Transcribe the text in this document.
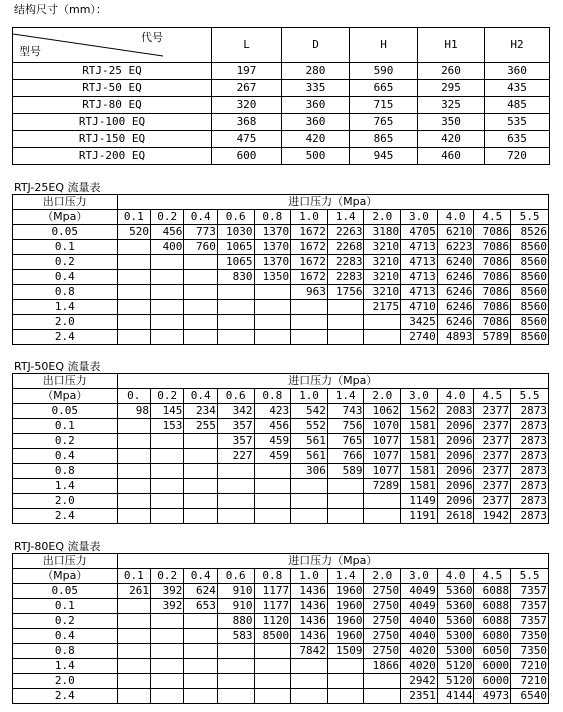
结构尺寸（mm）：
代号
型号	L	D	H	H1	H2
RTJ-25 EQ	197	280	590	260	360
RTJ-50 EQ	267	335	665	295	435
RTJ-80 EQ	320	360	715	325	485
RTJ-100 EQ	368	360	765	350	535
RTJ-150 EQ	475	420	865	420	635
RTJ-200 EQ	600	500	945	460	720
RTJ-25EQ 流量表
出口压力	进口压力（Mpa）											
（Mpa）	0.1	0.2	0.4	0.6	0.8	1.0	1.4	2.0	3.0	4.0	4.5	5.5
0.05	520	456	773	1030	1370	1672	2263	3180	4705	6210	7086	8526
0.1		400	760	1065	1370	1672	2268	3210	4713	6223	7086	8560
0.2				1065	1370	1672	2283	3210	4713	6240	7086	8560
0.4				830	1350	1672	2283	3210	4713	6246	7086	8560
0.8						963	1756	3210	4713	6246	7086	8560
1.4								2175	4710	6246	7086	8560
2.0									3425	6246	7086	8560
2.4									2740	4893	5789	8560
RTJ-50EQ 流量表
出口压力	进口压力（Mpa）											
（Mpa）	0.	0.2	0.4	0.6	0.8	1.0	1.4	2.0	3.0	4.0	4.5	5.5
0.05	98	145	234	342	423	542	743	1062	1562	2083	2377	2873
0.1		153	255	357	456	552	756	1070	1581	2096	2377	2873
0.2				357	459	561	765	1077	1581	2096	2377	2873
0.4				227	459	561	766	1077	1581	2096	2377	2873
0.8						306	589	1077	1581	2096	2377	2873
1.4								7289	1581	2096	2377	2873
2.0									1149	2096	2377	2873
2.4									1191	2618	1942	2873
RTJ-80EQ 流量表
出口压力	进口压力（Mpa）											
（Mpa）	0.1	0.2	0.4	0.6	0.8	1.0	1.4	2.0	3.0	4.0	4.5	5.5
0.05	261	392	624	910	1177	1436	1960	2750	4049	5360	6088	7357
0.1		392	653	910	1177	1436	1960	2750	4049	5360	6088	7357
0.2				880	1120	1436	1960	2750	4040	5360	6088	7357
0.4				583	8500	1436	1960	2750	4040	5300	6080	7350
0.8						7842	1509	2750	4020	5300	6050	7350
1.4								1866	4020	5120	6000	7210
2.0									2942	5120	6000	7210
2.4									2351	4144	4973	6540
